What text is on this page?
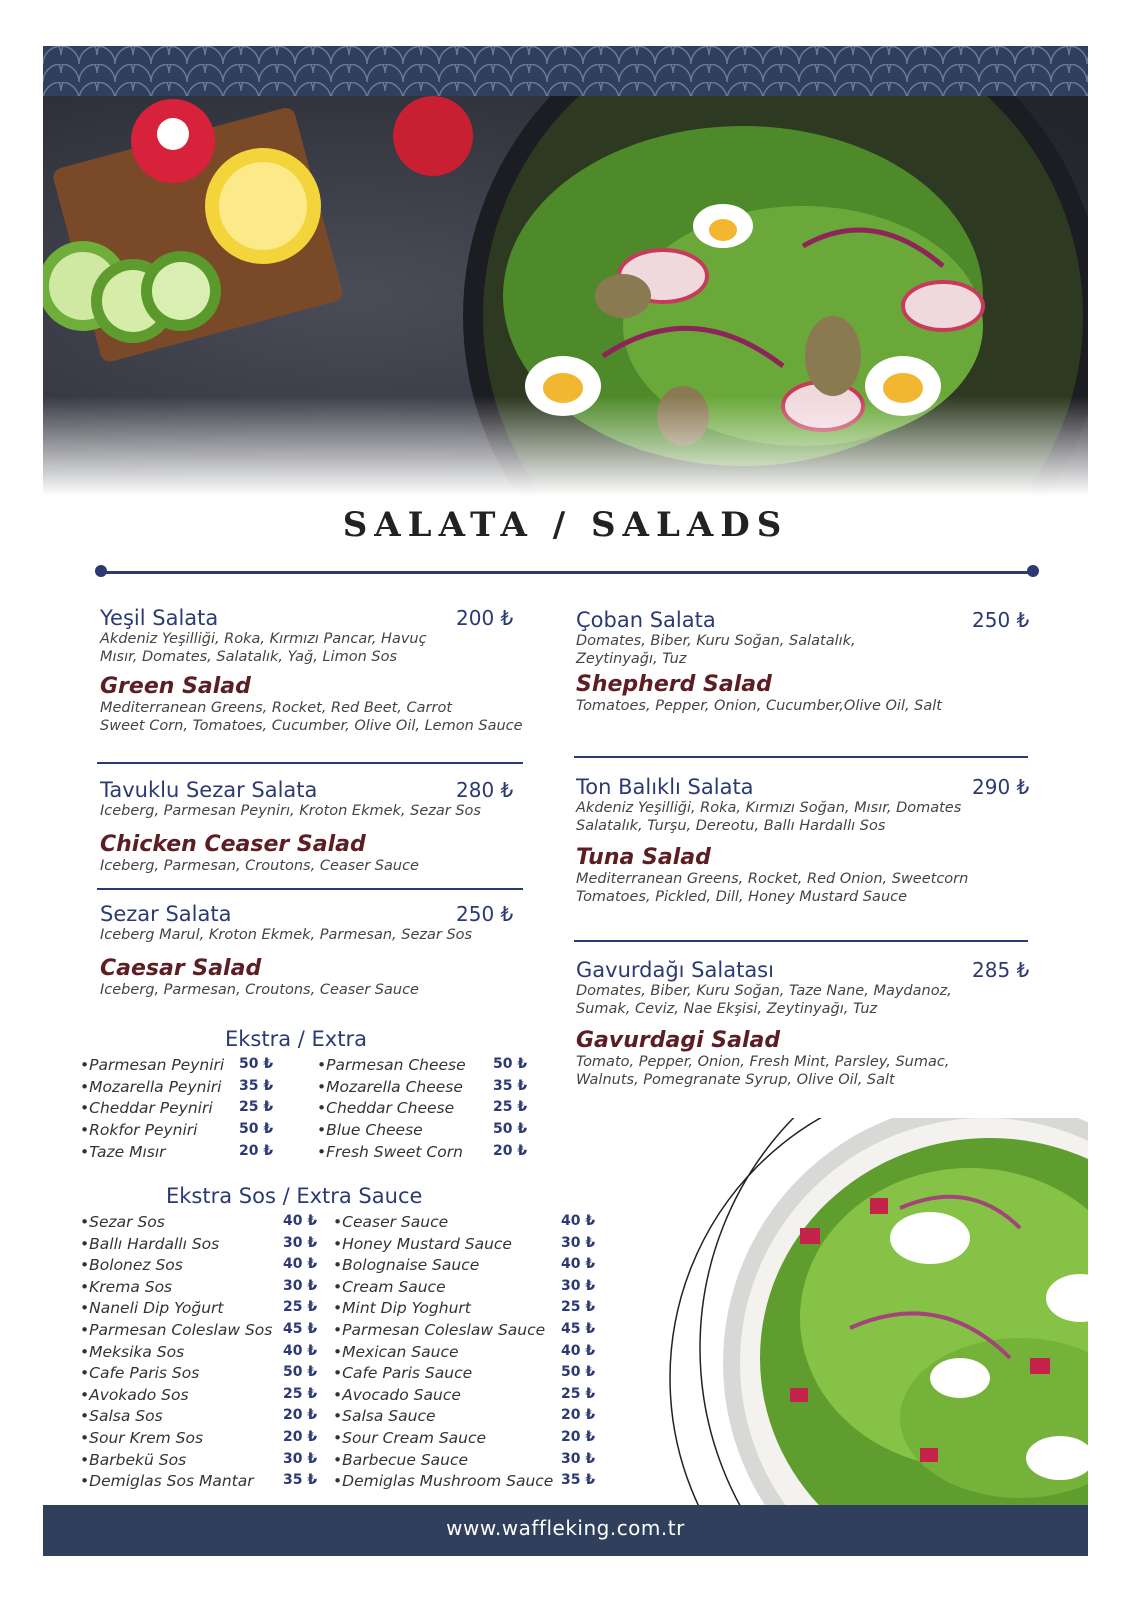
SALATA / SALADS
Yeşil Salata	200 ₺
Akdeniz Yeşilliği, Roka, Kırmızı Pancar, Havuç
Mısır, Domates, Salatalık, Yağ, Limon Sos
Green Salad
Mediterranean Greens, Rocket, Red Beet, Carrot
Sweet Corn, Tomatoes, Cucumber, Olive Oil, Lemon Sauce
Tavuklu Sezar Salata	280 ₺
Iceberg, Parmesan Peynirı, Kroton Ekmek, Sezar Sos
Chicken Ceaser Salad
Iceberg, Parmesan, Croutons, Ceaser Sauce
Sezar Salata	250 ₺
Iceberg Marul, Kroton Ekmek, Parmesan, Sezar Sos
Caesar Salad
Iceberg, Parmesan, Croutons, Ceaser Sauce
Çoban Salata	250 ₺
Domates, Biber, Kuru Soğan, Salatalık,
Zeytinyağı, Tuz
Shepherd Salad
Tomatoes, Pepper, Onion, Cucumber,Olive Oil, Salt
Ton Balıklı Salata	290 ₺
Akdeniz Yeşilliği, Roka, Kırmızı Soğan, Mısır, Domates
Salatalık, Turşu, Dereotu, Ballı Hardallı Sos
Tuna Salad
Mediterranean Greens, Rocket, Red Onion, Sweetcorn
Tomatoes, Pickled, Dill, Honey Mustard Sauce
Gavurdağı Salatası	285 ₺
Domates, Biber, Kuru Soğan, Taze Nane, Maydanoz,
Sumak, Ceviz, Nae Ekşisi, Zeytinyağı, Tuz
Gavurdagi Salad
Tomato, Pepper, Onion, Fresh Mint, Parsley, Sumac,
Walnuts, Pomegranate Syrup, Olive Oil, Salt
Ekstra / Extra
•Parmesan Peyniri 50 ₺	•Parmesan Cheese 50 ₺
•Mozarella Peyniri 35 ₺	•Mozarella Cheese 35 ₺
•Cheddar Peyniri 25 ₺	•Cheddar Cheese	25 ₺
•Rokfor Peyniri	50 ₺	•Blue Cheese	50 ₺
•Taze Mısır	20 ₺	•Fresh Sweet Corn 20 ₺
Ekstra Sos / Extra Sauce
•Sezar Sos	40 ₺ •Ceaser Sauce	40 ₺
•Ballı Hardallı Sos	30 ₺ •Honey Mustard Sauce	30 ₺
•Bolonez Sos	40 ₺ •Bolognaise Sauce	40 ₺
•Krema Sos	30 ₺ •Cream Sauce	30 ₺
•Naneli Dip Yoğurt	25 ₺ •Mint Dip Yoghurt	25 ₺
•Parmesan Coleslaw Sos 45 ₺ •Parmesan Coleslaw Sauce 45 ₺
•Meksika Sos	40 ₺ •Mexican Sauce	40 ₺
•Cafe Paris Sos	50 ₺ •Cafe Paris Sauce	50 ₺
•Avokado Sos	25 ₺ •Avocado Sauce	25 ₺
•Salsa Sos	20 ₺ •Salsa Sauce	20 ₺
•Sour Krem Sos	20 ₺ •Sour Cream Sauce	20 ₺
•Barbekü Sos	30 ₺ •Barbecue Sauce	30 ₺
•Demiglas Sos Mantar 35 ₺ •Demiglas Mushroom Sauce 35 ₺
www.waffleking.com.tr
